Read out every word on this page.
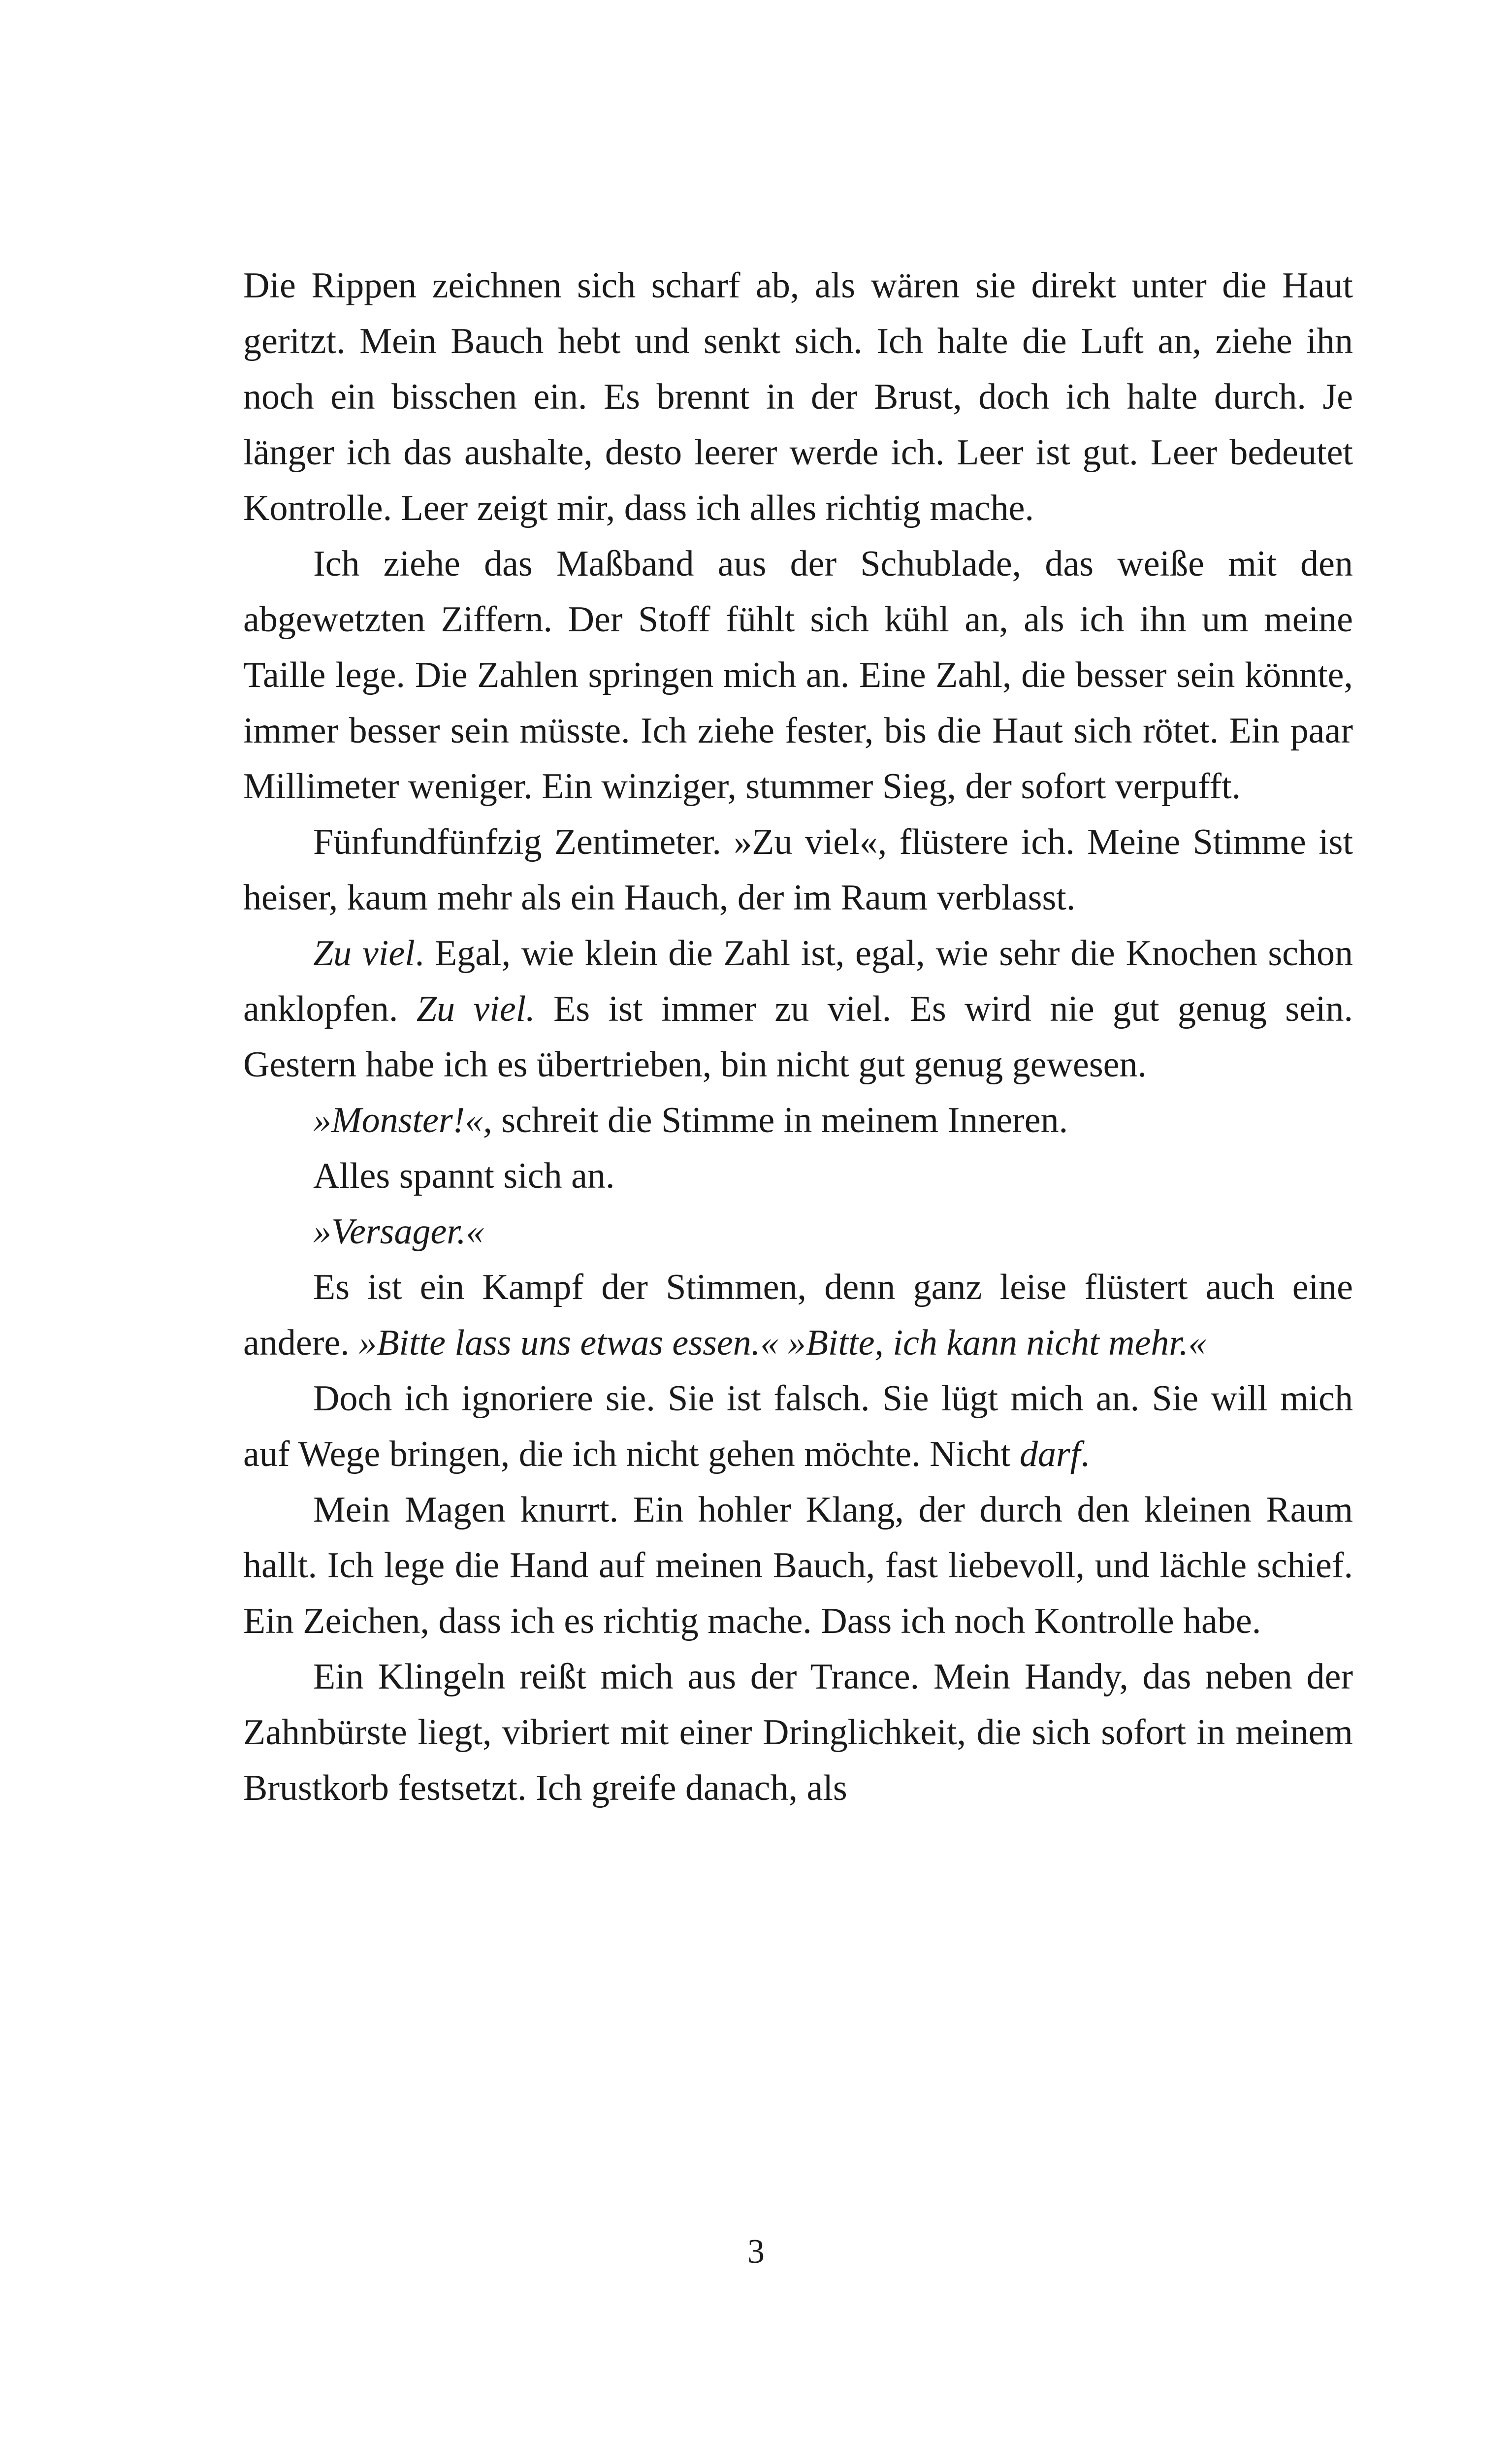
Die Rippen zeichnen sich scharf ab, als wären sie direkt unter die Haut geritzt. Mein Bauch hebt und senkt sich. Ich halte die Luft an, ziehe ihn noch ein bisschen ein. Es brennt in der Brust, doch ich halte durch. Je länger ich das aushalte, desto leerer werde ich. Leer ist gut. Leer bedeutet Kontrolle. Leer zeigt mir, dass ich alles richtig mache.

Ich ziehe das Maßband aus der Schublade, das weiße mit den abgewetzten Ziffern. Der Stoff fühlt sich kühl an, als ich ihn um meine Taille lege. Die Zahlen springen mich an. Eine Zahl, die besser sein könnte, immer besser sein müsste. Ich ziehe fester, bis die Haut sich rötet. Ein paar Millimeter weniger. Ein winziger, stummer Sieg, der sofort verpufft.

Fünfundfünfzig Zentimeter. »Zu viel«, flüstere ich. Meine Stimme ist heiser, kaum mehr als ein Hauch, der im Raum verblasst.

Zu viel. Egal, wie klein die Zahl ist, egal, wie sehr die Knochen schon anklopfen. Zu viel. Es ist immer zu viel. Es wird nie gut genug sein. Gestern habe ich es übertrieben, bin nicht gut genug gewesen.

»Monster!«, schreit die Stimme in meinem Inneren.

Alles spannt sich an.

»Versager.«

Es ist ein Kampf der Stimmen, denn ganz leise flüstert auch eine andere. »Bitte lass uns etwas essen.« »Bitte, ich kann nicht mehr.«

Doch ich ignoriere sie. Sie ist falsch. Sie lügt mich an. Sie will mich auf Wege bringen, die ich nicht gehen möchte. Nicht darf.

Mein Magen knurrt. Ein hohler Klang, der durch den kleinen Raum hallt. Ich lege die Hand auf meinen Bauch, fast liebevoll, und lächle schief. Ein Zeichen, dass ich es richtig mache. Dass ich noch Kontrolle habe.

Ein Klingeln reißt mich aus der Trance. Mein Handy, das neben der Zahnbürste liegt, vibriert mit einer Dringlichkeit, die sich sofort in meinem Brustkorb festsetzt. Ich greife danach, als

3
